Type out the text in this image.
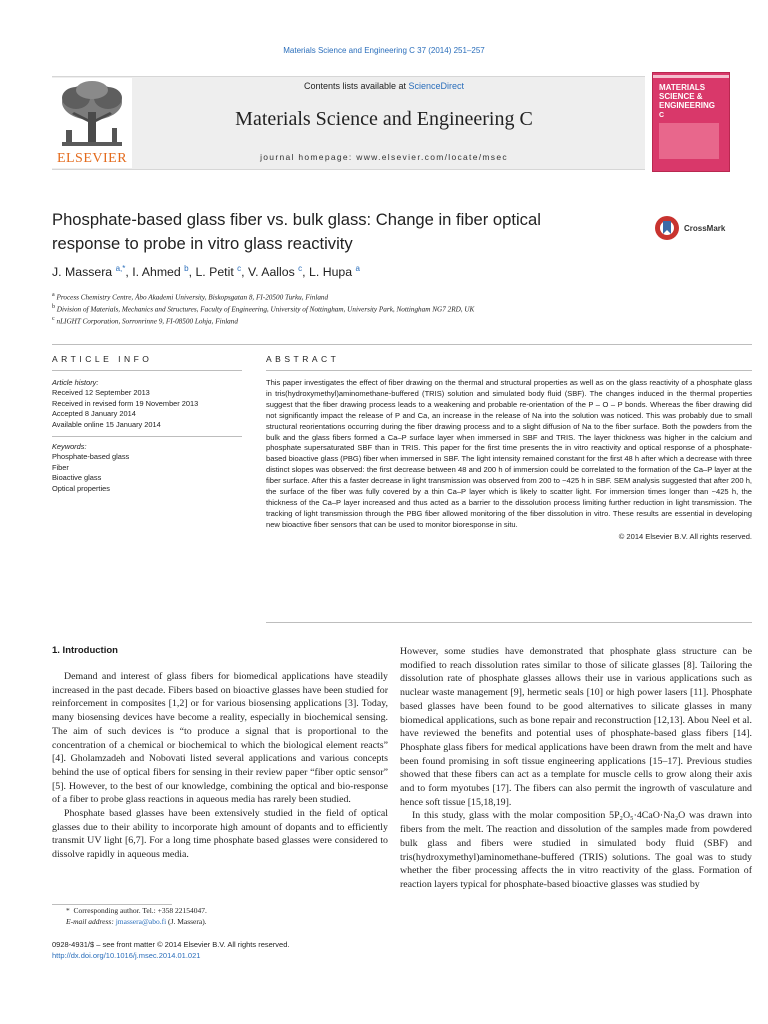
Materials Science and Engineering C 37 (2014) 251–257
Contents lists available at ScienceDirect
Materials Science and Engineering C
journal homepage: www.elsevier.com/locate/msec
ELSEVIER
MATERIALS
SCIENCE &
ENGINEERING
C
Phosphate-based glass fiber vs. bulk glass: Change in fiber optical
response to probe in vitro glass reactivity
CrossMark
J. Massera $^{a,*}$, I. Ahmed $^b$, L. Petit $^c$, V. Aallos $^c$, L. Hupa $^a$
$^a$ Process Chemistry Centre, Åbo Akademi University, Biskopsgatan 8, FI-20500 Turku, Finland
$^b$ Division of Materials, Mechanics and Structures, Faculty of Engineering, University of Nottingham, University Park, Nottingham NG7 2RD, UK
$^c$ nLIGHT Corporation, Sorronrinne 9, FI-08500 Lohja, Finland
ARTICLE INFO	ABSTRACT
Article history:
Received 12 September 2013
Received in revised form 19 November 2013
Accepted 8 January 2014
Available online 15 January 2014
Keywords:
Phosphate-based glass
Fiber
Bioactive glass
Optical properties
This paper investigates the effect of fiber drawing on the thermal and structural properties as well as on the glass reactivity of a phosphate glass in tris(hydroxymethyl)aminomethane-buffered (TRIS) solution and simulated body fluid (SBF). The changes induced in the thermal properties suggest that the fiber drawing process leads to a weakening and probable re-orientation of the P – O – P bonds. Whereas the fiber drawing did not significantly impact the release of P and Ca, an increase in the release of Na into the solution was noticed. This was probably due to small structural reorientations occurring during the fiber drawing process and to a slight diffusion of Na to the fiber surface. Both the powders from the bulk and the glass fibers formed a Ca–P surface layer when immersed in SBF and TRIS. The layer thickness was higher in the calcium and phosphate supersaturated SBF than in TRIS. This paper for the first time presents the in vitro reactivity and optical response of a phosphate-based bioactive glass (PBG) fiber when immersed in SBF. The light intensity remained constant for the first 48 h after which a decrease with three distinct slopes was observed: the first decrease between 48 and 200 h of immersion could be correlated to the formation of the Ca–P layer at the fiber surface. After this a faster decrease in light transmission was observed from 200 to ~425 h in SBF. SEM analysis suggested that after 200 h, the surface of the fiber was fully covered by a thin Ca–P layer which is likely to scatter light. For immersion times longer than ~425 h, the thickness of the Ca–P layer increased and thus acted as a barrier to the dissolution process limiting further reduction in light transmission. The tracking of light transmission through the PBG fiber allowed monitoring of the fiber dissolution in vitro. These results are essential in developing new bioactive fiber sensors that can be used to monitor bioresponse in situ.
© 2014 Elsevier B.V. All rights reserved.
1. Introduction

Demand and interest of glass fibers for biomedical applications have steadily increased in the past decade. Fibers based on bioactive glasses have been studied for reinforcement in composites [1,2] or for various biosensing applications [3]. Today, many biosensing devices have become a reality, especially in biochemical sensing. The aim of such devices is “to produce a signal that is proportional to the concentration of a chemical or biochemical to which the biological element reacts” [4]. Gholamzadeh and Nobovati listed several applications and various concepts behind the use of optical fibers for sensing in their review paper “fiber optic sensor” [5]. However, to the best of our knowledge, combining the optical and bio-response of a fiber to probe glass reactions in aqueous media has rarely been studied.

Phosphate based glasses have been extensively studied in the field of optical glasses due to their ability to incorporate high amount of dopants and to efficiently transmit UV light [6,7]. For a long time phosphate based glasses were considered to dissolve rapidly in aqueous media.

However, some studies have demonstrated that phosphate glass structure can be modified to reach dissolution rates similar to those of silicate glasses [8]. Tailoring the dissolution rate of phosphate glasses allows their use in various applications such as nuclear waste management [9], hermetic seals [10] or high power lasers [11]. Phosphate based glasses have been found to be good alternatives to silicate glasses in many biomedical applications, such as bone repair and reconstruction [12,13]. Abou Neel et al. have reviewed the benefits and potential uses of phosphate-based glass fibers [14]. Phosphate glass fibers for medical applications have been drawn from the melt and have been found promising in soft tissue engineering applications [15–17]. Previous studies showed that these fibers can act as a template for muscle cells to grow along their axis and to form myotubes [17]. The fibers can also permit the ingrowth of vasculature and hence soft tissue [15,18,19].

In this study, glass with the molar composition 5P₂O₅·4CaO·Na₂O was drawn into fibers from the melt. The reaction and dissolution of the samples made from powdered bulk glass and fibers were studied in simulated body fluid (SBF) and tris(hydroxymethyl)aminomethane-buffered (TRIS) solutions. The goal was to study whether the fiber processing affects the in vitro reactivity of the glass. Formation of reaction layers typical for phosphate-based bioactive glasses was studied by

* Corresponding author. Tel.: +358 22154047.
E-mail address: jmassera@abo.fi (J. Massera).
0928-4931/$ – see front matter © 2014 Elsevier B.V. All rights reserved.
http://dx.doi.org/10.1016/j.msec.2014.01.021
